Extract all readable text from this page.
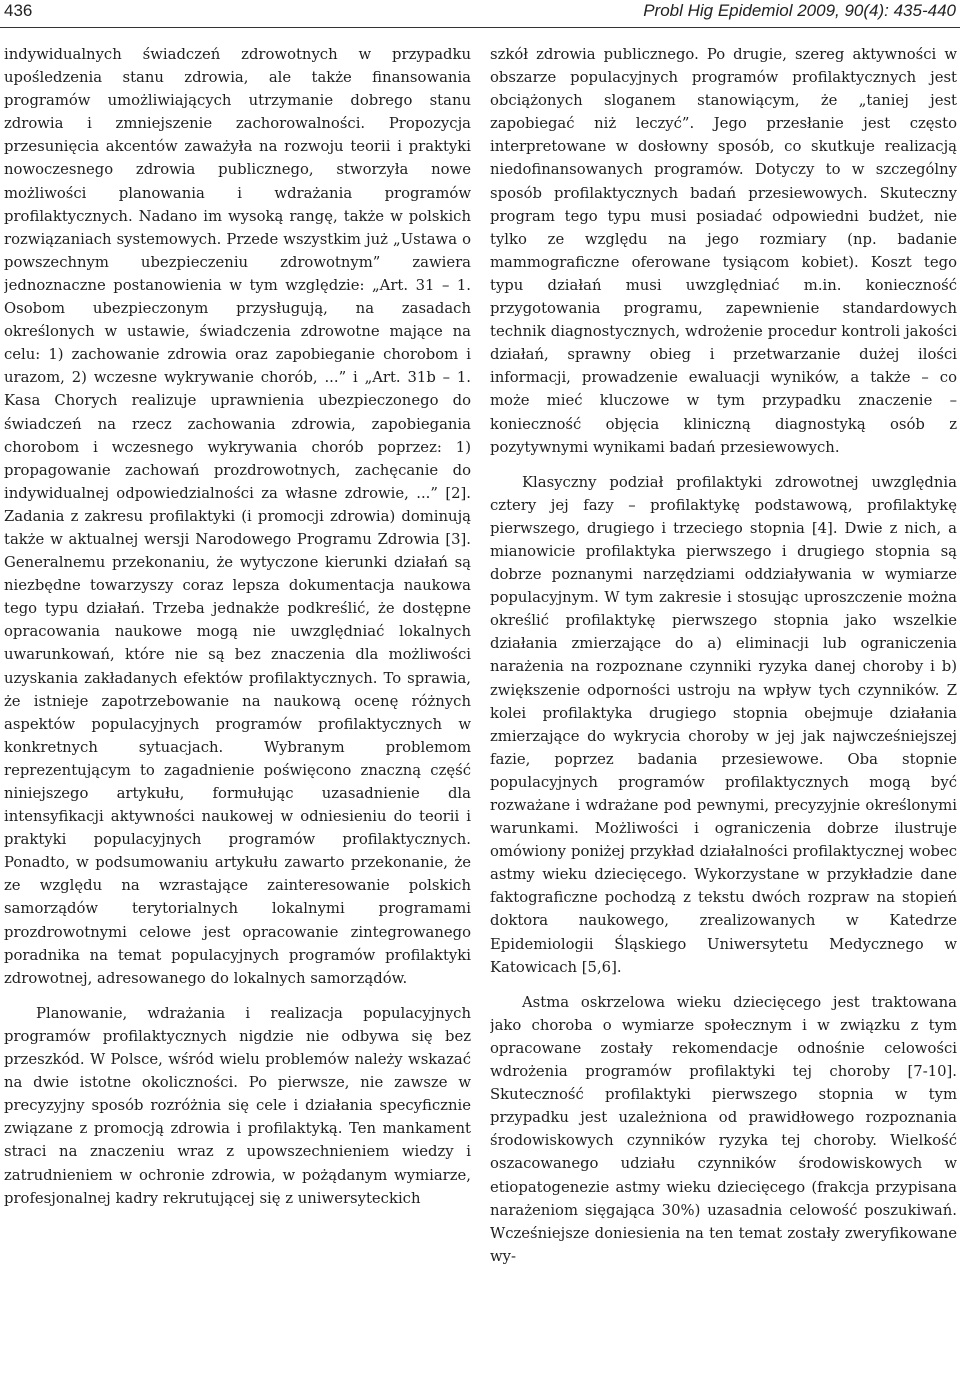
436	Probl Hig Epidemiol 2009, 90(4): 435-440

indywidualnych świadczeń zdrowotnych w przypadku upośledzenia stanu zdrowia, ale także finansowania programów umożliwiających utrzymanie dobrego stanu zdrowia i zmniejszenie zachorowalności. Propozycja przesunięcia akcentów zaważyła na rozwoju teorii i praktyki nowoczesnego zdrowia publicznego, stworzyła nowe możliwości planowania i wdrażania programów profilaktycznych. Nadano im wysoką rangę, także w polskich rozwiązaniach systemowych. Przede wszystkim już „Ustawa o powszechnym ubezpieczeniu zdrowotnym” zawiera jednoznaczne postanowienia w tym względzie: „Art. 31 – 1. Osobom ubezpieczonym przysługują, na zasadach określonych w ustawie, świadczenia zdrowotne mające na celu: 1) zachowanie zdrowia oraz zapobieganie chorobom i urazom, 2) wczesne wykrywanie chorób, ...” i „Art. 31b – 1. Kasa Chorych realizuje uprawnienia ubezpieczonego do świadczeń na rzecz zachowania zdrowia, zapobiegania chorobom i wczesnego wykrywania chorób poprzez: 1) propagowanie zachowań prozdrowotnych, zachęcanie do indywidualnej odpowiedzialności za własne zdrowie, ...” [2]. Zadania z zakresu profilaktyki (i promocji zdrowia) dominują także w aktualnej wersji Narodowego Programu Zdrowia [3]. Generalnemu przekonaniu, że wytyczone kierunki działań są niezbędne towarzyszy coraz lepsza dokumentacja naukowa tego typu działań. Trzeba jednakże podkreślić, że dostępne opracowania naukowe mogą nie uwzględniać lokalnych uwarunkowań, które nie są bez znaczenia dla możliwości uzyskania zakładanych efektów profilaktycznych. To sprawia, że istnieje zapotrzebowanie na naukową ocenę różnych aspektów populacyjnych programów profilaktycznych w konkretnych sytuacjach. Wybranym problemom reprezentującym to zagadnienie poświęcono znaczną część niniejszego artykułu, formułując uzasadnienie dla intensyfikacji aktywności naukowej w odniesieniu do teorii i praktyki populacyjnych programów profilaktycznych. Ponadto, w podsumowaniu artykułu zawarto przekonanie, że ze względu na wzrastające zainteresowanie polskich samorządów terytorialnych lokalnymi programami prozdrowotnymi celowe jest opracowanie zintegrowanego poradnika na temat populacyjnych programów profilaktyki zdrowotnej, adresowanego do lokalnych samorządów.

Planowanie, wdrażania i realizacja populacyjnych programów profilaktycznych nigdzie nie odbywa się bez przeszkód. W Polsce, wśród wielu problemów należy wskazać na dwie istotne okoliczności. Po pierwsze, nie zawsze w precyzyjny sposób rozróżnia się cele i działania specyficznie związane z promocją zdrowia i profilaktyką. Ten mankament straci na znaczeniu wraz z upowszechnieniem wiedzy i zatrudnieniem w ochronie zdrowia, w pożądanym wymiarze, profesjonalnej kadry rekrutującej się z uniwersyteckich

szkół zdrowia publicznego. Po drugie, szereg aktywności w obszarze populacyjnych programów profilaktycznych jest obciążonych sloganem stanowiącym, że „taniej jest zapobiegać niż leczyć”. Jego przesłanie jest często interpretowane w dosłowny sposób, co skutkuje realizacją niedofinansowanych programów. Dotyczy to w szczególny sposób profilaktycznych badań przesiewowych. Skuteczny program tego typu musi posiadać odpowiedni budżet, nie tylko ze względu na jego rozmiary (np. badanie mammograficzne oferowane tysiącom kobiet). Koszt tego typu działań musi uwzględniać m.in. konieczność przygotowania programu, zapewnienie standardowych technik diagnostycznych, wdrożenie procedur kontroli jakości działań, sprawny obieg i przetwarzanie dużej ilości informacji, prowadzenie ewaluacji wyników, a także – co może mieć kluczowe w tym przypadku znaczenie – konieczność objęcia kliniczną diagnostyką osób z pozytywnymi wynikami badań przesiewowych.

Klasyczny podział profilaktyki zdrowotnej uwzględnia cztery jej fazy – profilaktykę podstawową, profilaktykę pierwszego, drugiego i trzeciego stopnia [4]. Dwie z nich, a mianowicie profilaktyka pierwszego i drugiego stopnia są dobrze poznanymi narzędziami oddziaływania w wymiarze populacyjnym. W tym zakresie i stosując uproszczenie można określić profilaktykę pierwszego stopnia jako wszelkie działania zmierzające do a) eliminacji lub ograniczenia narażenia na rozpoznane czynniki ryzyka danej choroby i b) zwiększenie odporności ustroju na wpływ tych czynników. Z kolei profilaktyka drugiego stopnia obejmuje działania zmierzające do wykrycia choroby w jej jak najwcześniejszej fazie, poprzez badania przesiewowe. Oba stopnie populacyjnych programów profilaktycznych mogą być rozważane i wdrażane pod pewnymi, precyzyjnie określonymi warunkami. Możliwości i ograniczenia dobrze ilustruje omówiony poniżej przykład działalności profilaktycznej wobec astmy wieku dziecięcego. Wykorzystane w przykładzie dane faktograficzne pochodzą z tekstu dwóch rozpraw na stopień doktora naukowego, zrealizowanych w Katedrze Epidemiologii Śląskiego Uniwersytetu Medycznego w Katowicach [5,6].

Astma oskrzelowa wieku dziecięcego jest traktowana jako choroba o wymiarze społecznym i w związku z tym opracowane zostały rekomendacje odnośnie celowości wdrożenia programów profilaktyki tej choroby [7-10]. Skuteczność profilaktyki pierwszego stopnia w tym przypadku jest uzależniona od prawidłowego rozpoznania środowiskowych czynników ryzyka tej choroby. Wielkość oszacowanego udziału czynników środowiskowych w etiopatogenezie astmy wieku dziecięcego (frakcja przypisana narażeniom sięgająca 30%) uzasadnia celowość poszukiwań. Wcześniejsze doniesienia na ten temat zostały zweryfikowane wy-
